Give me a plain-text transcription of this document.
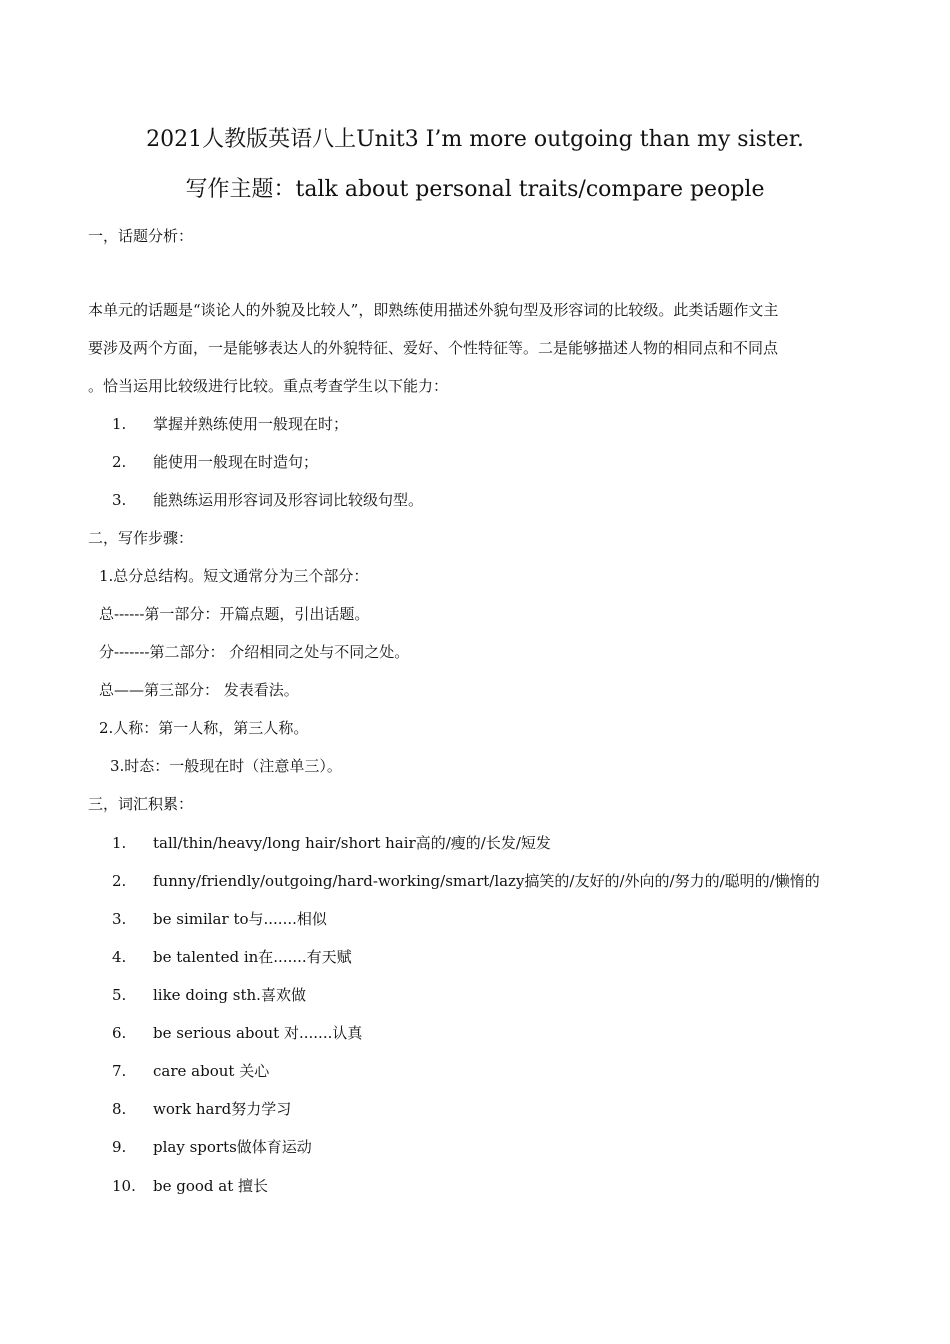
2021人教版英语八上Unit3 I’m more outgoing than my sister.
写作主题：talk about personal traits/compare people
一，话题分析：
本单元的话题是“谈论人的外貌及比较人”，即熟练使用描述外貌句型及形容词的比较级。此类话题作文主
要涉及两个方面，一是能够表达人的外貌特征、爱好、个性特征等。二是能够描述人物的相同点和不同点
。恰当运用比较级进行比较。重点考查学生以下能力：
1. 掌握并熟练使用一般现在时；
2. 能使用一般现在时造句；
3. 能熟练运用形容词及形容词比较级句型。
二，写作步骤：
1.总分总结构。短文通常分为三个部分：
总------第一部分：开篇点题，引出话题。
分-------第二部分： 介绍相同之处与不同之处。
总——第三部分： 发表看法。
2.人称：第一人称，第三人称。
3.时态：一般现在时（注意单三）。
三，词汇积累：
1. tall/thin/heavy/long hair/short hair高的/瘦的/长发/短发
2. funny/friendly/outgoing/hard-working/smart/lazy搞笑的/友好的/外向的/努力的/聪明的/懒惰的
3. be similar to与.......相似
4. be talented in在.......有天赋
5. like doing sth.喜欢做
6. be serious about 对.......认真
7. care about 关心
8. work hard努力学习
9. play sports做体育运动
10. be good at 擅长
